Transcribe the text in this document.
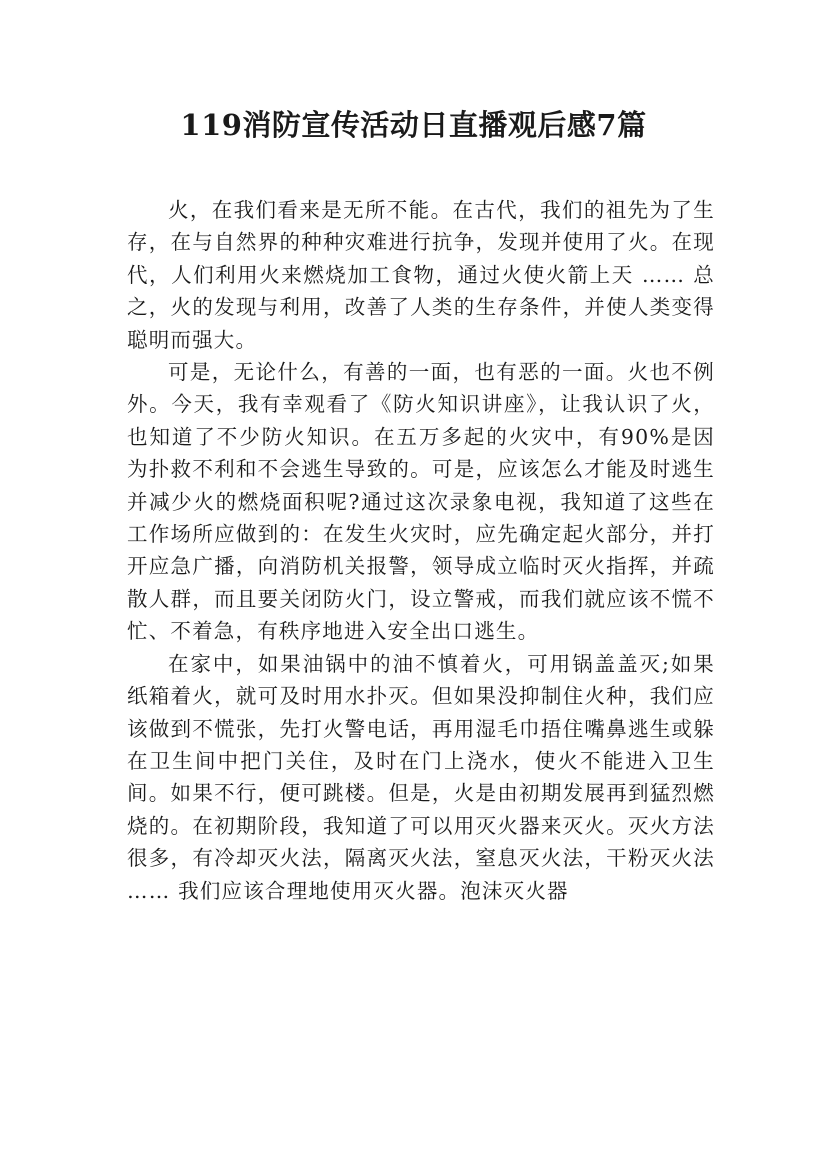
119消防宣传活动日直播观后感7篇

火，在我们看来是无所不能。在古代，我们的祖先为了生存，在与自然界的种种灾难进行抗争，发现并使用了火。在现代，人们利用火来燃烧加工食物，通过火使火箭上天 …… 总之，火的发现与利用，改善了人类的生存条件，并使人类变得聪明而强大。

可是，无论什么，有善的一面，也有恶的一面。火也不例外。今天，我有幸观看了《防火知识讲座》，让我认识了火，也知道了不少防火知识。在五万多起的火灾中，有90%是因为扑救不利和不会逃生导致的。可是，应该怎么才能及时逃生并减少火的燃烧面积呢?通过这次录象电视，我知道了这些在工作场所应做到的：在发生火灾时，应先确定起火部分，并打开应急广播，向消防机关报警，领导成立临时灭火指挥，并疏散人群，而且要关闭防火门，设立警戒，而我们就应该不慌不忙、不着急，有秩序地进入安全出口逃生。

在家中，如果油锅中的油不慎着火，可用锅盖盖灭;如果纸箱着火，就可及时用水扑灭。但如果没抑制住火种，我们应该做到不慌张，先打火警电话，再用湿毛巾捂住嘴鼻逃生或躲在卫生间中把门关住，及时在门上浇水，使火不能进入卫生间。如果不行，便可跳楼。但是，火是由初期发展再到猛烈燃烧的。在初期阶段，我知道了可以用灭火器来灭火。灭火方法很多，有冷却灭火法，隔离灭火法，窒息灭火法，干粉灭火法 …… 我们应该合理地使用灭火器。泡沫灭火器
